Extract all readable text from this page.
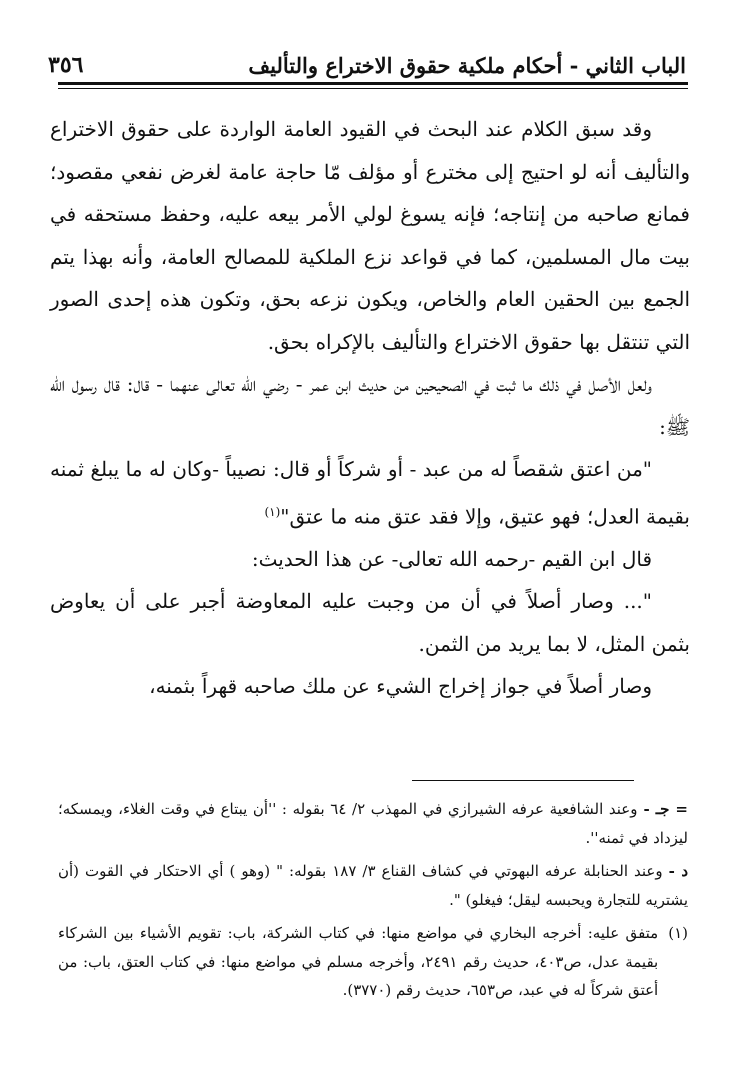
الباب الثاني - أحكام ملكية حقوق الاختراع والتأليف
٣٥٦

وقد سبق الكلام عند البحث في القيود العامة الواردة على حقوق الاختراع والتأليف أنه لو احتيج إلى مخترع أو مؤلف مّا حاجة عامة لغرض نفعي مقصود؛ فمانع صاحبه من إنتاجه؛ فإنه يسوغ لولي الأمر بيعه عليه، وحفظ مستحقه في بيت مال المسلمين، كما في قواعد نزع الملكية للمصالح العامة، وأنه بهذا يتم الجمع بين الحقين العام والخاص، ويكون نزعه بحق، وتكون هذه إحدى الصور التي تنتقل بها حقوق الاختراع والتأليف بالإكراه بحق.

ولعل الأصل في ذلك ما ثبت في الصحيحين من حديث ابن عمر - رضي الله تعالى عنهما - قال: قال رسول الله ﷺ:

"من اعتق شقصاً له من عبد - أو شركاً أو قال: نصيباً -وكان له ما يبلغ ثمنه بقيمة العدل؛ فهو عتيق، وإلا فقد عتق منه ما عتق"$^{(١)}$

قال ابن القيم -رحمه الله تعالى- عن هذا الحديث:

"... وصار أصلاً في أن من وجبت عليه المعاوضة أجبر على أن يعاوض بثمن المثل، لا بما يريد من الثمن.

وصار أصلاً في جواز إخراج الشيء عن ملك صاحبه قهراً بثمنه،

= جـ -وعند الشافعية عرفه الشيرازي في المهذب ٢/ ٦٤ بقوله : ''أن يبتاع في وقت الغلاء، ويمسكه؛ ليزداد في ثمنه''.

د -وعند الحنابلة عرفه البهوتي في كشاف القناع ٣/ ١٨٧ بقوله: " (وهو ) أي الاحتكار في القوت (أن يشتريه للتجارة ويحبسه ليقل؛ فيغلو) ".

(١)

متفق عليه: أخرجه البخاري في مواضع منها: في كتاب الشركة، باب: تقويم الأشياء بين الشركاء بقيمة عدل، ص٤٠٣، حديث رقم ٢٤٩١، وأخرجه مسلم في مواضع منها: في كتاب العتق، باب: من أعتق شركاً له في عبد، ص٦٥٣، حديث رقم (٣٧٧٠).
